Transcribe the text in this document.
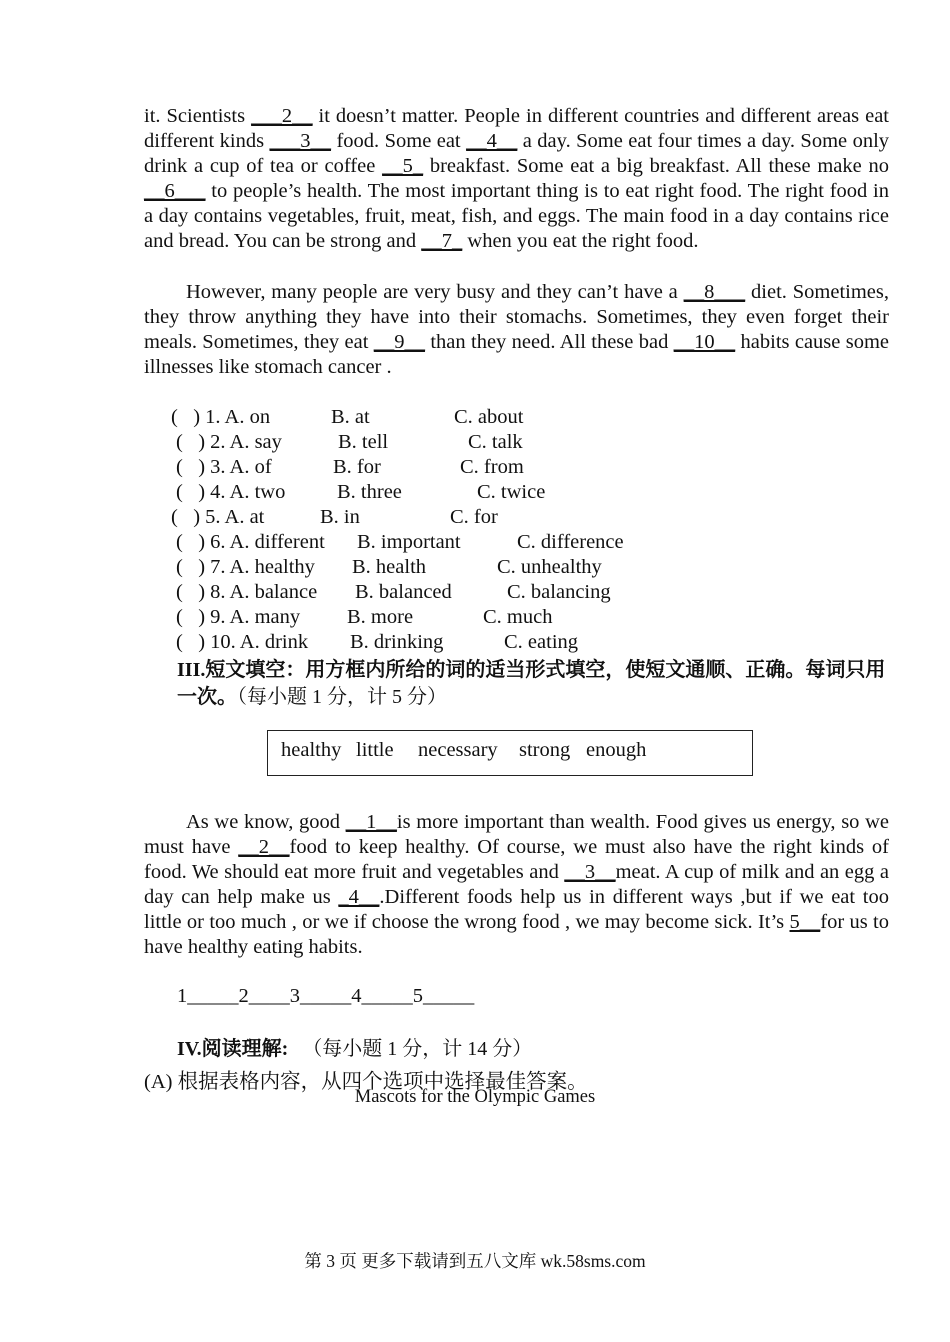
it. Scientists ___2__ it doesn’t matter. People in different countries and different areas eat different kinds ___3__ food. Some eat __4__ a day. Some eat four times a day. Some only drink a cup of tea or coffee __5_ breakfast. Some eat a big breakfast. All these make no __6___ to people’s health. The most important thing is to eat right food. The right food in a day contains vegetables, fruit, meat, fish, and eggs. The main food in a day contains rice and bread. You can be strong and __7_ when you eat the right food.
However, many people are very busy and they can’t have a __8___ diet. Sometimes, they throw anything they have into their stomachs. Sometimes, they even forget their meals. Sometimes, they eat __9__ than they need. All these bad __10__ habits cause some illnesses like stomach cancer .
(   ) 1. A. on	B. at	C. about
(   ) 2. A. say	B. tell	C. talk
(   ) 3. A. of	B. for	C. from
(   ) 4. A. two	B. three	C. twice
(   ) 5. A. at	B. in	C. for
(   ) 6. A. different B. important	C. difference
(   ) 7. A. healthy B. health	C. unhealthy
(   ) 8. A. balance B. balanced	C. balancing
(   ) 9. A. many B. more	C. much
(   ) 10. A. drink B. drinking	C. eating
III.短文填空：用方框内所给的词的适当形式填空，使短文通顺、正确。每词只用一次。（每小题 1 分，计 5 分）
healthy little necessary strong enough
As we know, good __1__is more important than wealth. Food gives us energy, so we must have __2__food to keep healthy. Of course, we must also have the right kinds of food. We should eat more fruit and vegetables and __3__meat. A cup of milk and an egg a day can help make us _4__.Different foods help us in different ways ,but if we eat too little or too much , or we if choose the wrong food , we may become sick. It’s 5__for us to have healthy eating habits.
1_____2____3_____4_____5_____
IV.阅读理解: （每小题 1 分，计 14 分）
(A) 根据表格内容，从四个选项中选择最佳答案。
Mascots for the Olympic Games
第 3 页 更多下载请到五八文库 wk.58sms.com
